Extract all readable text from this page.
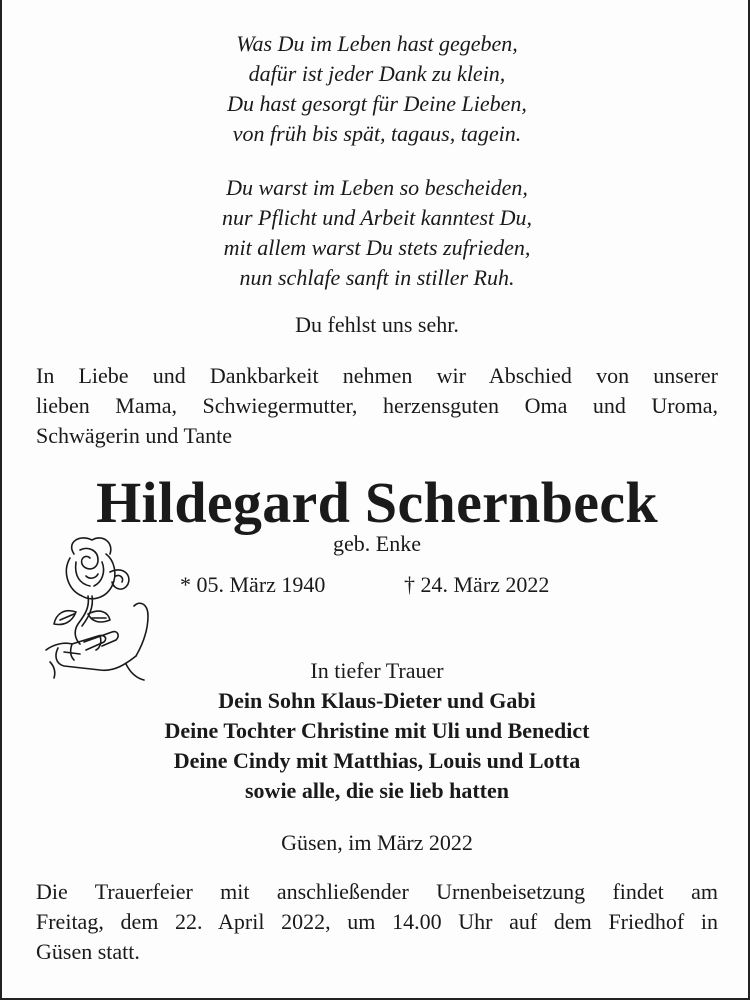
Was Du im Leben hast gegeben,
dafür ist jeder Dank zu klein,
Du hast gesorgt für Deine Lieben,
von früh bis spät, tagaus, tagein.
Du warst im Leben so bescheiden,
nur Pflicht und Arbeit kanntest Du,
mit allem warst Du stets zufrieden,
nun schlafe sanft in stiller Ruh.
Du fehlst uns sehr.
In Liebe und Dankbarkeit nehmen wir Abschied von unserer
lieben Mama, Schwiegermutter, herzensguten Oma und Uroma,
Schwägerin und Tante
Hildegard Schernbeck
geb. Enke
* 05. März 1940	† 24. März 2022
In tiefer Trauer
Dein Sohn Klaus-Dieter und Gabi
Deine Tochter Christine mit Uli und Benedict
Deine Cindy mit Matthias, Louis und Lotta
sowie alle, die sie lieb hatten
Güsen, im März 2022
Die Trauerfeier mit anschließender Urnenbeisetzung findet am
Freitag, dem 22. April 2022, um 14.00 Uhr auf dem Friedhof in
Güsen statt.
